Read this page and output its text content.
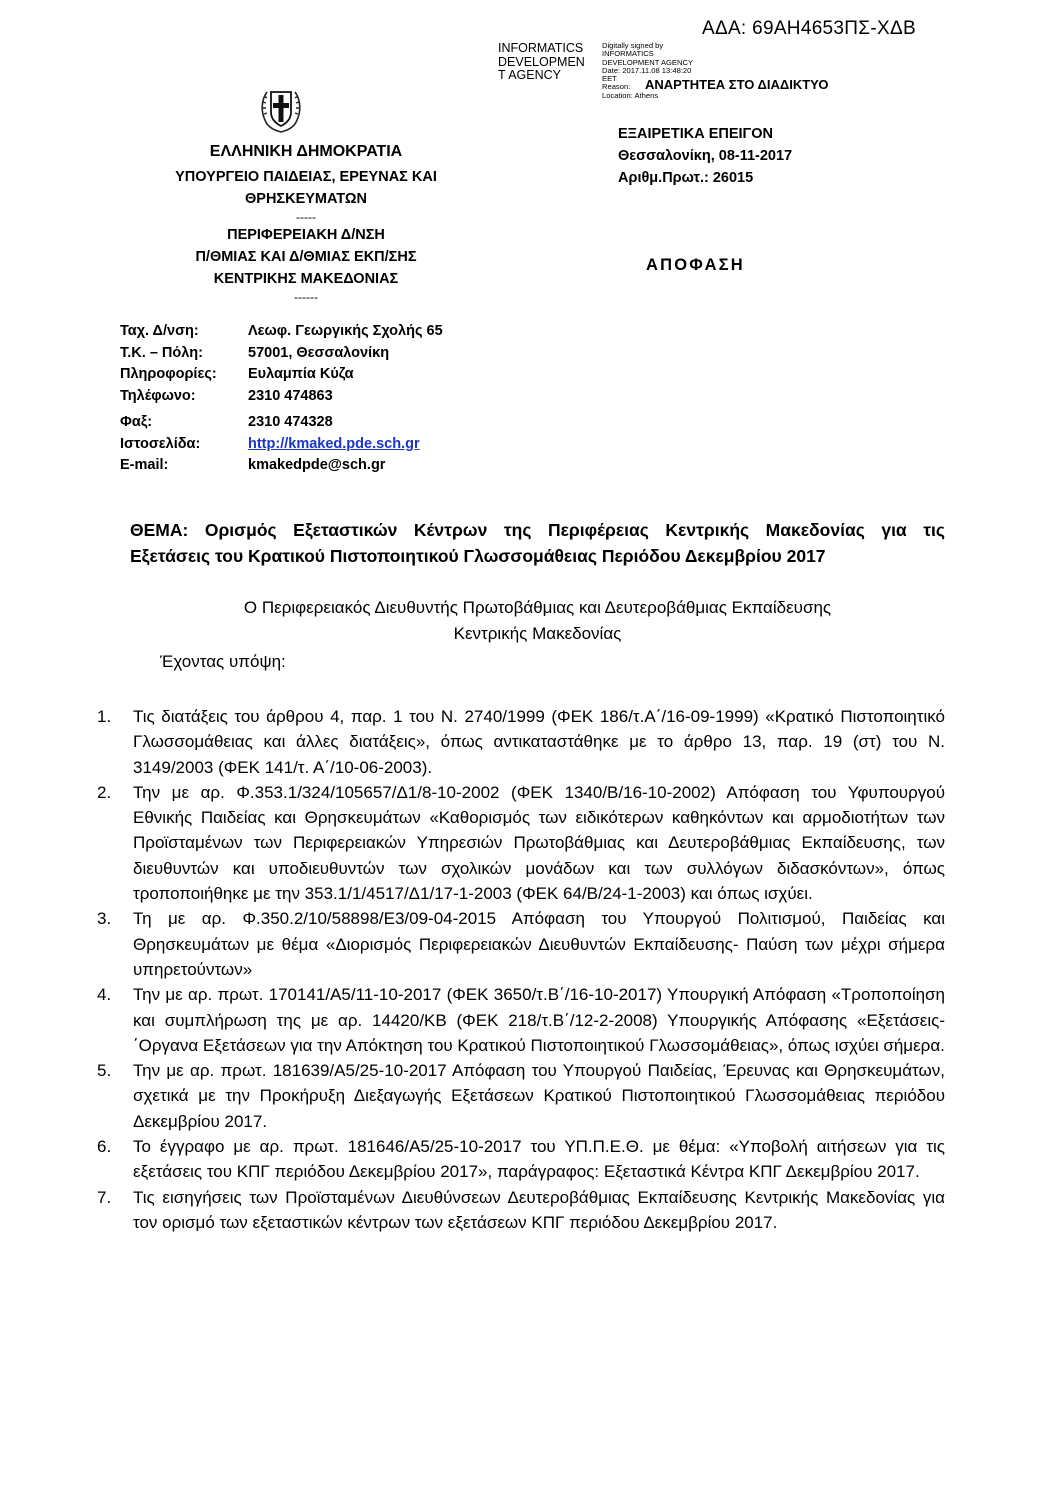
ΑΔΑ: 69ΑΗ4653ΠΣ-ΧΔΒ
INFORMATICS
DEVELOPMEN
T AGENCY
Digitally signed by
INFORMATICS
DEVELOPMENT AGENCY
Date: 2017.11.08 13:48:20
EET
Reason:
Location: Athens
ΑΝΑΡΤΗΤΕΑ ΣΤΟ ΔΙΑΔΙΚΤΥΟ
ΕΛΛΗΝΙΚΗ ΔΗΜΟΚΡΑΤΙΑ
ΥΠΟΥΡΓΕΙΟ ΠΑΙΔΕΙΑΣ, ΕΡΕΥΝΑΣ ΚΑΙ
ΘΡΗΣΚΕΥΜΑΤΩΝ
-----
ΠΕΡΙΦΕΡΕΙΑΚΗ Δ/ΝΣΗ
Π/ΘΜΙΑΣ ΚΑΙ Δ/ΘΜΙΑΣ ΕΚΠ/ΣΗΣ
ΚΕΝΤΡΙΚΗΣ ΜΑΚΕΔΟΝΙΑΣ
------
ΕΞΑΙΡΕΤΙΚΑ ΕΠΕΙΓΟΝ
Θεσσαλονίκη, 08-11-2017
Αριθμ.Πρωτ.: 26015
ΑΠΟΦΑΣΗ
Ταχ. Δ/νση:	Λεωφ. Γεωργικής Σχολής 65
Τ.Κ. – Πόλη:	57001, Θεσσαλονίκη
Πληροφορίες:	Ευλαμπία Κύζα
Τηλέφωνο:	2310 474863
Φαξ:	2310 474328
Ιστοσελίδα:	http://kmaked.pde.sch.gr
E-mail:	kmakedpde@sch.gr
ΘΕΜΑ: Ορισμός Εξεταστικών Κέντρων της Περιφέρειας Κεντρικής Μακεδονίας για τις
Εξετάσεις του Κρατικού Πιστοποιητικού Γλωσσομάθειας Περιόδου Δεκεμβρίου 2017
Ο Περιφερειακός Διευθυντής Πρωτοβάθμιας και Δευτεροβάθμιας Εκπαίδευσης
Κεντρικής Μακεδονίας
Έχοντας υπόψη:
1.	Τις διατάξεις του άρθρου 4, παρ. 1 του Ν. 2740/1999 (ΦΕΚ 186/τ.Α΄/16-09-1999) «Κρατικό Πιστοποιητικό Γλωσσομάθειας και άλλες διατάξεις», όπως αντικαταστάθηκε με το άρθρο 13, παρ. 19 (στ) του Ν. 3149/2003 (ΦΕΚ 141/τ. Α΄/10-06-2003).
2.	Την με αρ. Φ.353.1/324/105657/Δ1/8-10-2002 (ΦΕΚ 1340/Β/16-10-2002) Απόφαση του Υφυπουργού Εθνικής Παιδείας και Θρησκευμάτων «Καθορισμός των ειδικότερων καθηκόντων και αρμοδιοτήτων των Προϊσταμένων των Περιφερειακών Υπηρεσιών Πρωτοβάθμιας και Δευτεροβάθμιας Εκπαίδευσης, των διευθυντών και υποδιευθυντών των σχολικών μονάδων και των συλλόγων διδασκόντων», όπως τροποποιήθηκε με την 353.1/1/4517/Δ1/17-1-2003 (ΦΕΚ 64/Β/24-1-2003) και όπως ισχύει.
3.	Τη με αρ. Φ.350.2/10/58898/Ε3/09-04-2015 Απόφαση του Υπουργού Πολιτισμού, Παιδείας και Θρησκευμάτων με θέμα «Διορισμός Περιφερειακών Διευθυντών Εκπαίδευσης- Παύση των μέχρι σήμερα υπηρετούντων»
4.	Την με αρ. πρωτ. 170141/Α5/11-10-2017 (ΦΕΚ 3650/τ.Β΄/16-10-2017) Υπουργική Απόφαση «Τροποποίηση και συμπλήρωση της με αρ. 14420/ΚΒ (ΦΕΚ 218/τ.Β΄/12-2-2008) Υπουργικής Απόφασης «Εξετάσεις-΄Οργανα Εξετάσεων για την Απόκτηση του Κρατικού Πιστοποιητικού Γλωσσομάθειας», όπως ισχύει σήμερα.
5.	Την με αρ. πρωτ. 181639/Α5/25-10-2017 Απόφαση του Υπουργού Παιδείας, Έρευνας και Θρησκευμάτων, σχετικά με την Προκήρυξη Διεξαγωγής Εξετάσεων Κρατικού Πιστοποιητικού Γλωσσομάθειας περιόδου Δεκεμβρίου 2017.
6.	Το έγγραφο με αρ. πρωτ. 181646/Α5/25-10-2017 του ΥΠ.Π.Ε.Θ. με θέμα: «Υποβολή αιτήσεων για τις εξετάσεις του ΚΠΓ περιόδου Δεκεμβρίου 2017», παράγραφος: Εξεταστικά Κέντρα ΚΠΓ Δεκεμβρίου 2017.
7.	Τις εισηγήσεις των Προϊσταμένων Διευθύνσεων Δευτεροβάθμιας Εκπαίδευσης Κεντρικής Μακεδονίας για τον ορισμό των εξεταστικών κέντρων των εξετάσεων ΚΠΓ περιόδου Δεκεμβρίου 2017.
